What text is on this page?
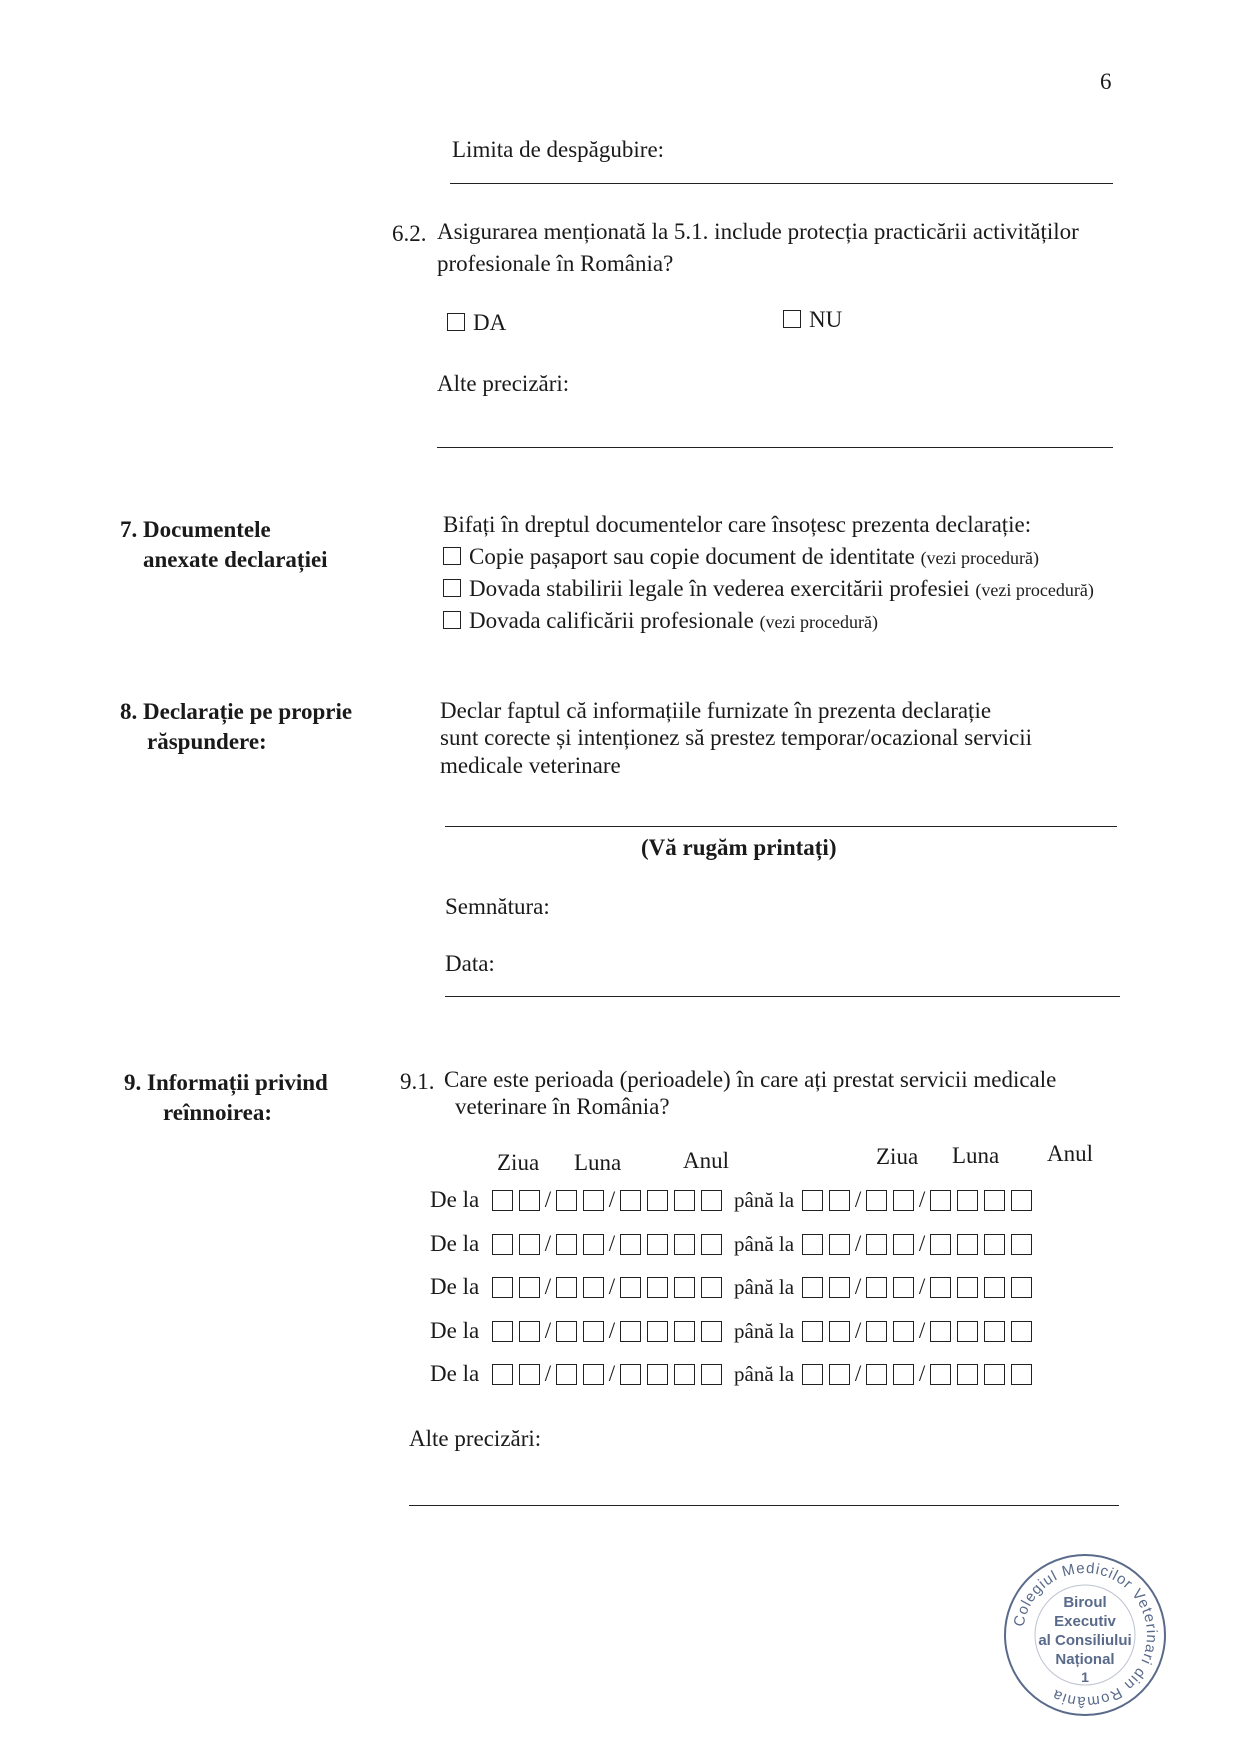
6
Limita de despăgubire:
6.2. Asigurarea menționată la 5.1. include protecția practicării activităților
profesionale în România?
DA	NU
Alte precizări:
7. Documentele
anexate declarației
Bifați în dreptul documentelor care însoțesc prezenta declarație:
Copie pașaport sau copie document de identitate (vezi procedură)
Dovada stabilirii legale în vederea exercitării profesiei (vezi procedură)
Dovada calificării profesionale (vezi procedură)
8. Declarație pe proprie
răspundere:
Declar faptul că informațiile furnizate în prezenta declarație
sunt corecte și intenționez să prestez temporar/ocazional servicii
medicale veterinare
(Vă rugăm printați)
Semnătura:
Data:
9. Informații privind
reînnoirea:
9.1. Care este perioada (perioadele) în care ați prestat servicii medicale
veterinare în România?
Ziua Luna	Anul	Ziua Luna Anul
De la	/	/	până la	/	/
De la	/	/	până la	/	/
De la	/	/	până la	/	/
De la	/	/	până la	/	/
De la	/	/	până la	/	/
Alte precizări:
Colegiul Medicilor Veterinari din România
Biroul
Executiv
al Consiliului
Național
1
